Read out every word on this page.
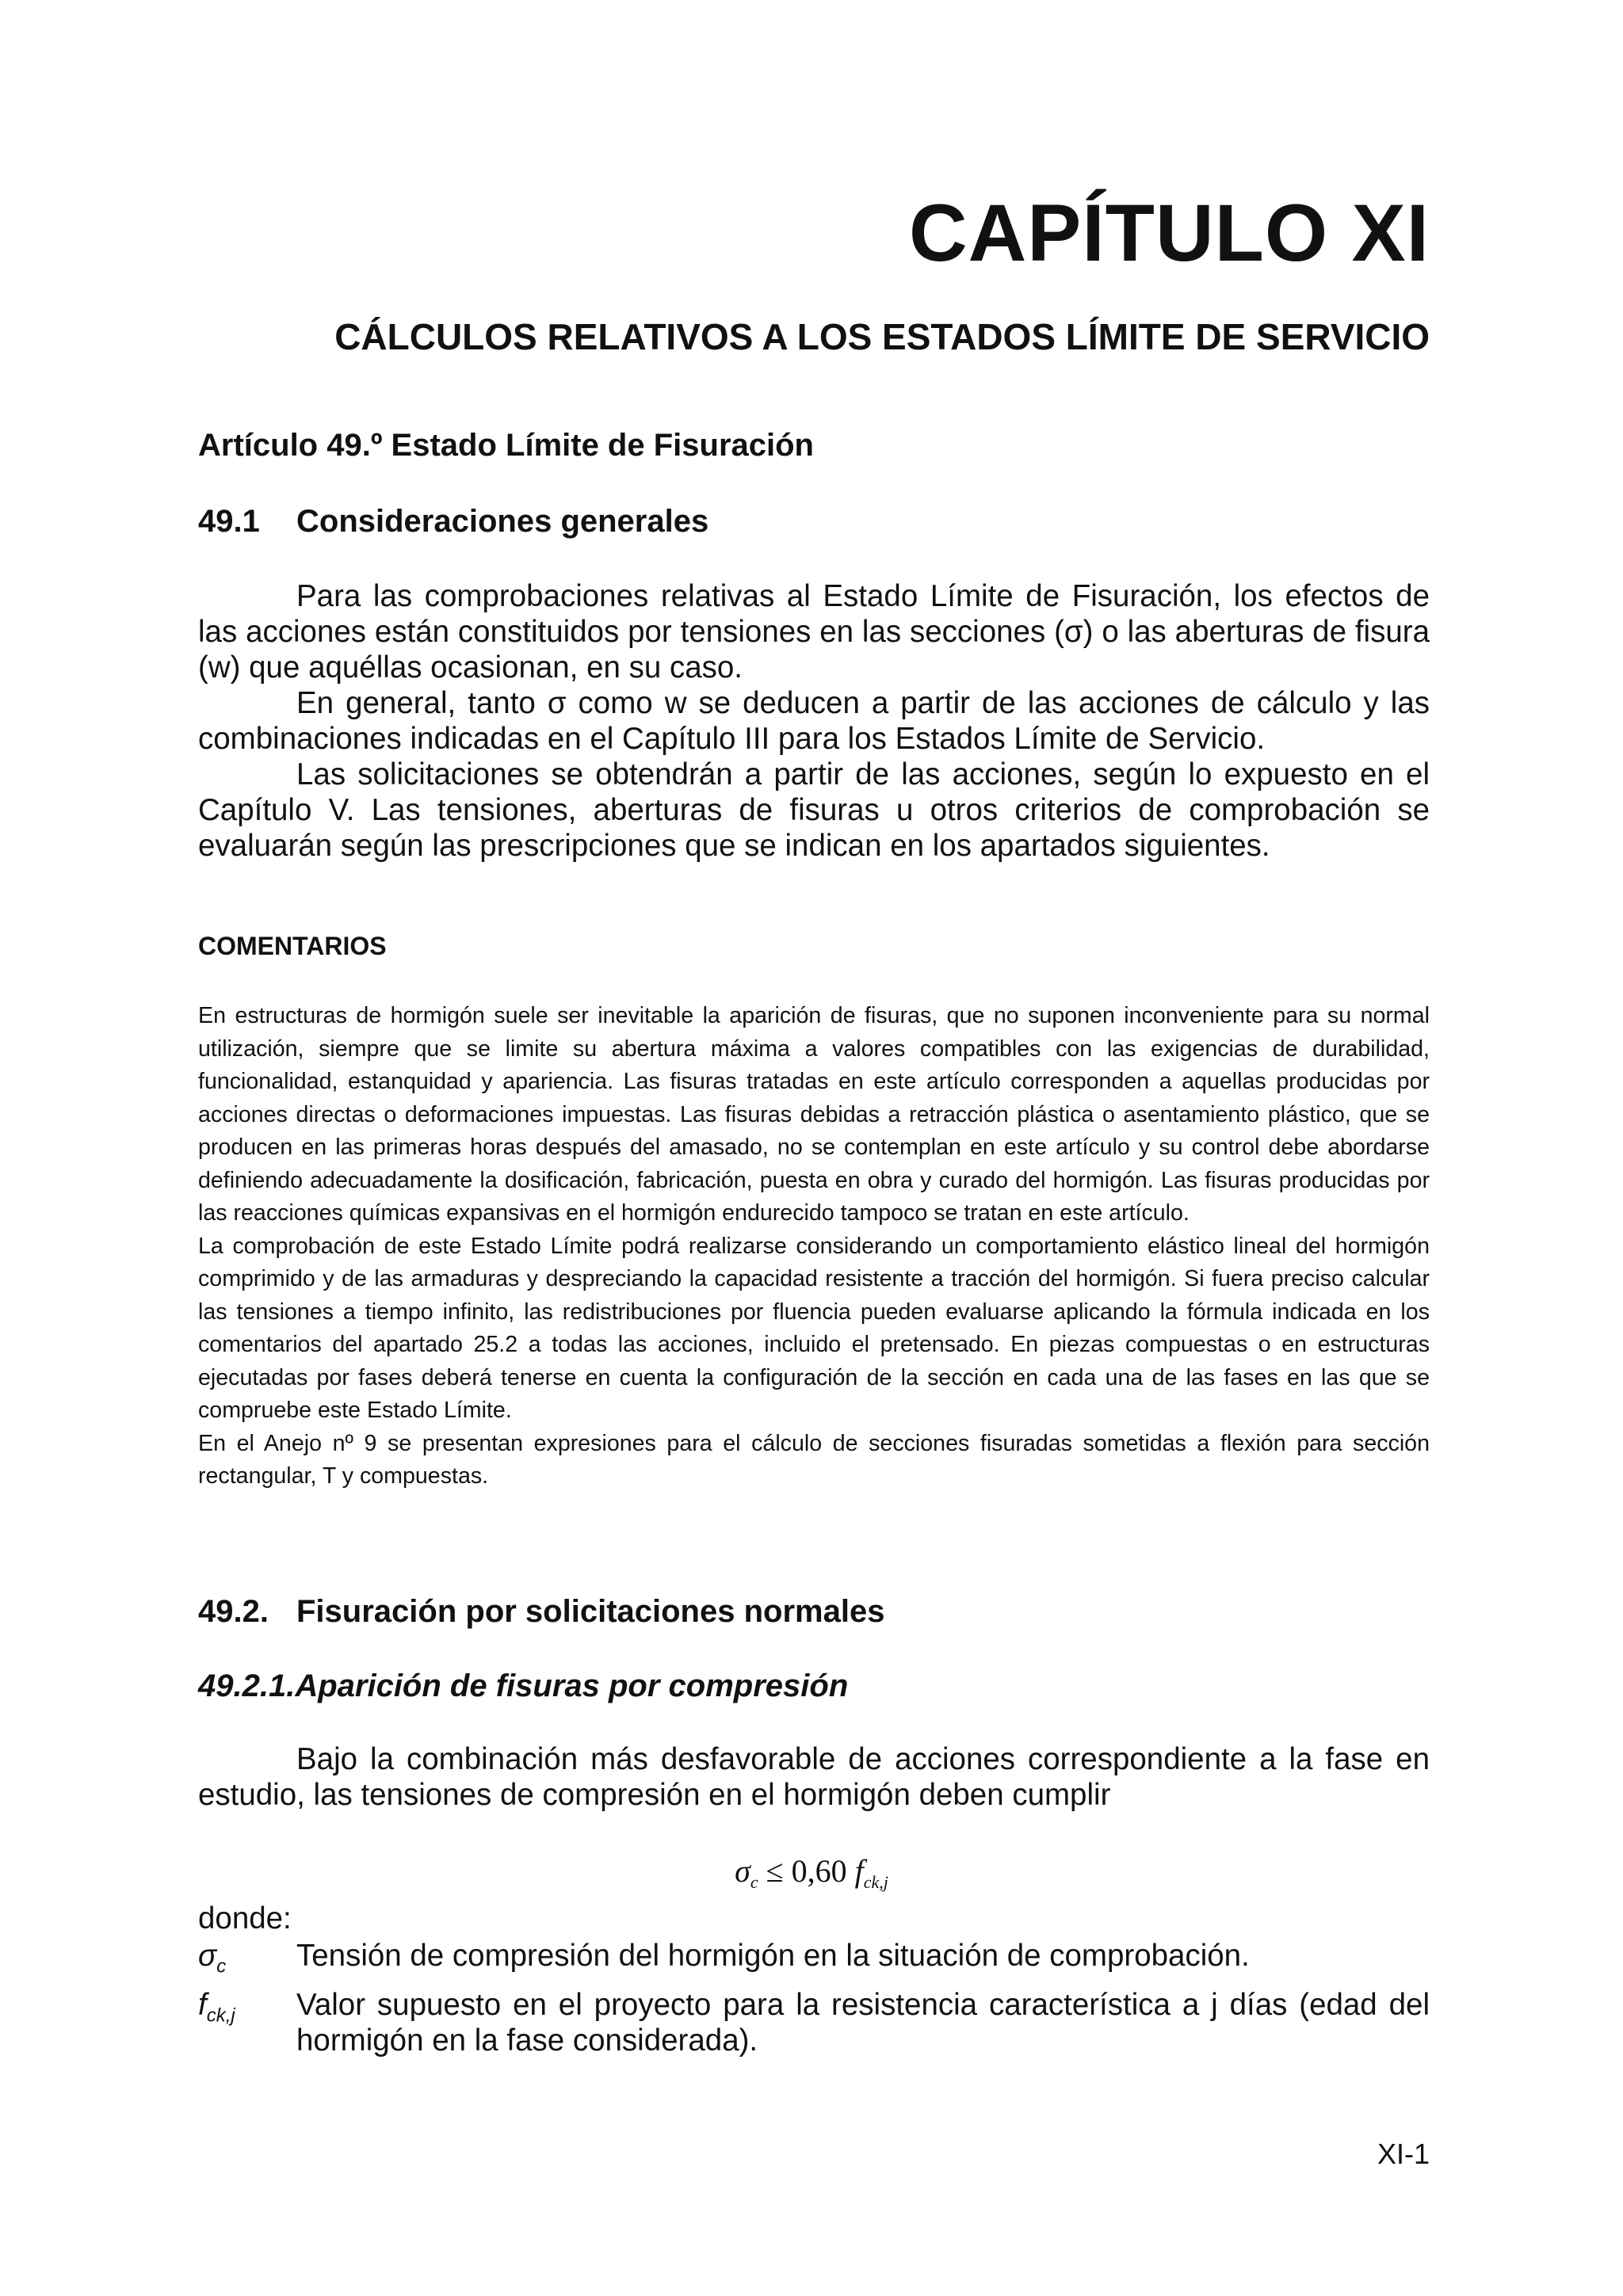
CAPÍTULO XI
CÁLCULOS RELATIVOS A LOS ESTADOS LÍMITE DE SERVICIO
Artículo 49.º Estado Límite de Fisuración
49.1 Consideraciones generales

Para las comprobaciones relativas al Estado Límite de Fisuración, los efectos de las acciones están constituidos por tensiones en las secciones (σ) o las aberturas de fisura (w) que aquéllas ocasionan, en su caso.

En general, tanto σ como w se deducen a partir de las acciones de cálculo y las combinaciones indicadas en el Capítulo III para los Estados Límite de Servicio.

Las solicitaciones se obtendrán a partir de las acciones, según lo expuesto en el Capítulo V. Las tensiones, aberturas de fisuras u otros criterios de comprobación se evaluarán según las prescripciones que se indican en los apartados siguientes.

COMENTARIOS

En estructuras de hormigón suele ser inevitable la aparición de fisuras, que no suponen inconveniente para su normal utilización, siempre que se limite su abertura máxima a valores compatibles con las exigencias de durabilidad, funcionalidad, estanquidad y apariencia. Las fisuras tratadas en este artículo corresponden a aquellas producidas por acciones directas o deformaciones impuestas. Las fisuras debidas a retracción plástica o asentamiento plástico, que se producen en las primeras horas después del amasado, no se contemplan en este artículo y su control debe abordarse definiendo adecuadamente la dosificación, fabricación, puesta en obra y curado del hormigón. Las fisuras producidas por las reacciones químicas expansivas en el hormigón endurecido tampoco se tratan en este artículo.

La comprobación de este Estado Límite podrá realizarse considerando un comportamiento elástico lineal del hormigón comprimido y de las armaduras y despreciando la capacidad resistente a tracción del hormigón. Si fuera preciso calcular las tensiones a tiempo infinito, las redistribuciones por fluencia pueden evaluarse aplicando la fórmula indicada en los comentarios del apartado 25.2 a todas las acciones, incluido el pretensado. En piezas compuestas o en estructuras ejecutadas por fases deberá tenerse en cuenta la configuración de la sección en cada una de las fases en las que se compruebe este Estado Límite.

En el Anejo nº 9 se presentan expresiones para el cálculo de secciones fisuradas sometidas a flexión para sección rectangular, T y compuestas.

49.2. Fisuración por solicitaciones normales
49.2.1.Aparición de fisuras por compresión

Bajo la combinación más desfavorable de acciones correspondiente a la fase en estudio, las tensiones de compresión en el hormigón deben cumplir

$\sigma_c \le 0,60$ $f_{ck,j}$
donde:
$\sigma_c$	Tensión de compresión del hormigón en la situación de comprobación.
$f_{ck,j}$	Valor supuesto en el proyecto para la resistencia característica a j días (edad del hormigón en la fase considerada).
XI-1
